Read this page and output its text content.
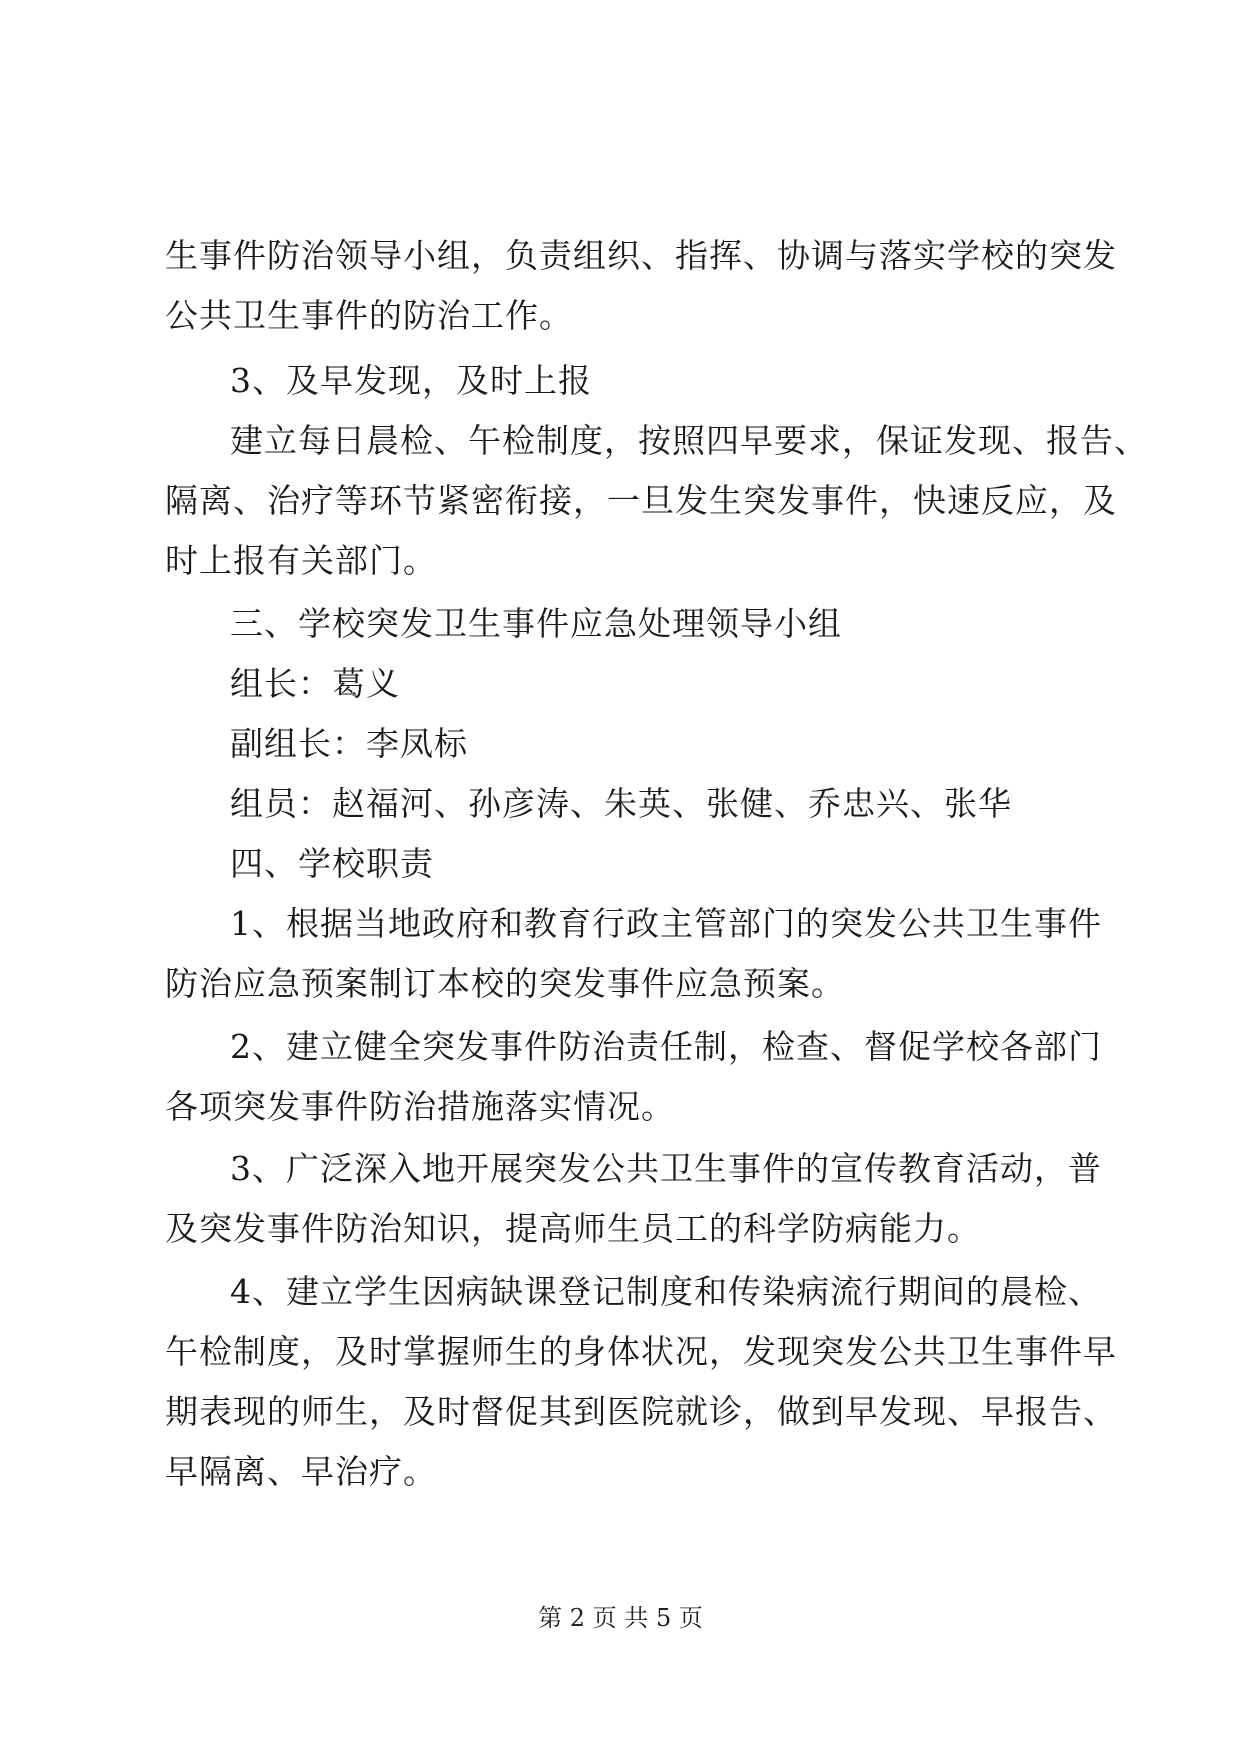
生事件防治领导小组，负责组织、指挥、协调与落实学校的突发

公共卫生事件的防治工作。

3、及早发现，及时上报

建立每日晨检、午检制度，按照四早要求，保证发现、报告、

隔离、治疗等环节紧密衔接，一旦发生突发事件，快速反应，及

时上报有关部门。

三、学校突发卫生事件应急处理领导小组

组长：葛义

副组长：李凤标

组员：赵福河、孙彦涛、朱英、张健、乔忠兴、张华

四、学校职责

1、根据当地政府和教育行政主管部门的突发公共卫生事件

防治应急预案制订本校的突发事件应急预案。

2、建立健全突发事件防治责任制，检查、督促学校各部门

各项突发事件防治措施落实情况。

3、广泛深入地开展突发公共卫生事件的宣传教育活动，普

及突发事件防治知识，提高师生员工的科学防病能力。

4、建立学生因病缺课登记制度和传染病流行期间的晨检、

午检制度，及时掌握师生的身体状况，发现突发公共卫生事件早

期表现的师生，及时督促其到医院就诊，做到早发现、早报告、

早隔离、早治疗。

第 2 页 共 5 页
